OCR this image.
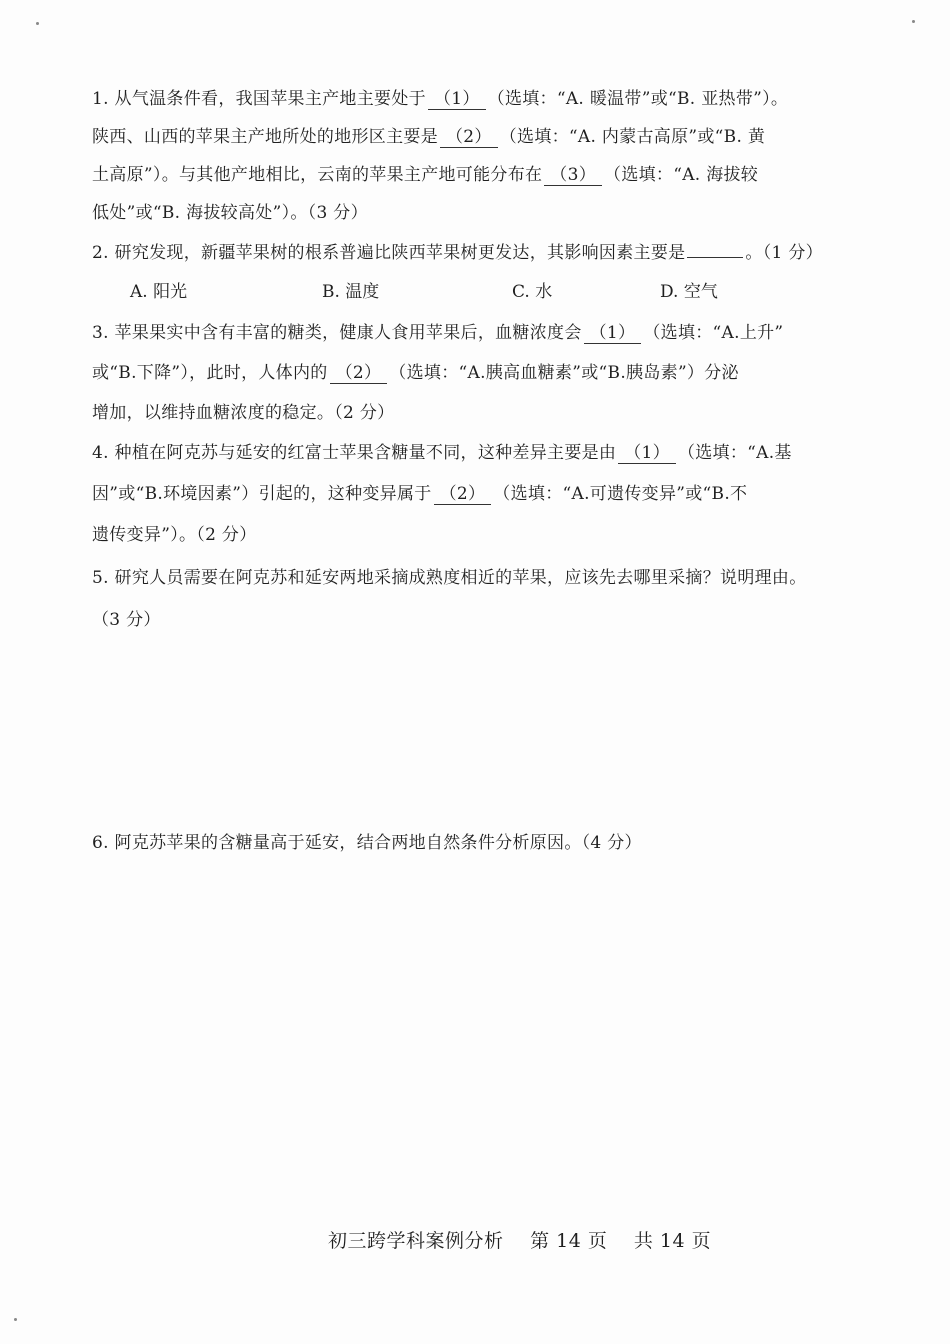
1. 从气温条件看，我国苹果主产地主要处于 （1） （选填：“A. 暖温带”或“B. 亚热带”）。
陕西、山西的苹果主产地所处的地形区主要是 （2） （选填：“A. 内蒙古高原”或“B. 黄
土高原”）。与其他产地相比，云南的苹果主产地可能分布在 （3） （选填：“A. 海拔较
低处”或“B. 海拔较高处”）。（3 分）
2. 研究发现，新疆苹果树的根系普遍比陕西苹果树更发达，其影响因素主要是	。（1 分）
A. 阳光	B. 温度	C. 水	D. 空气
3. 苹果果实中含有丰富的糖类，健康人食用苹果后，血糖浓度会 （1） （选填：“A.上升”
或“B.下降”），此时，人体内的 （2） （选填：“A.胰高血糖素”或“B.胰岛素”）分泌
增加，以维持血糖浓度的稳定。（2 分）
4. 种植在阿克苏与延安的红富士苹果含糖量不同，这种差异主要是由 （1） （选填：“A.基
因”或“B.环境因素”）引起的，这种变异属于 （2） （选填：“A.可遗传变异”或“B.不
遗传变异”）。（2 分）
5. 研究人员需要在阿克苏和延安两地采摘成熟度相近的苹果，应该先去哪里采摘？说明理由。
（3 分）
6. 阿克苏苹果的含糖量高于延安，结合两地自然条件分析原因。（4 分）
初三跨学科案例分析 第 14 页 共 14 页
